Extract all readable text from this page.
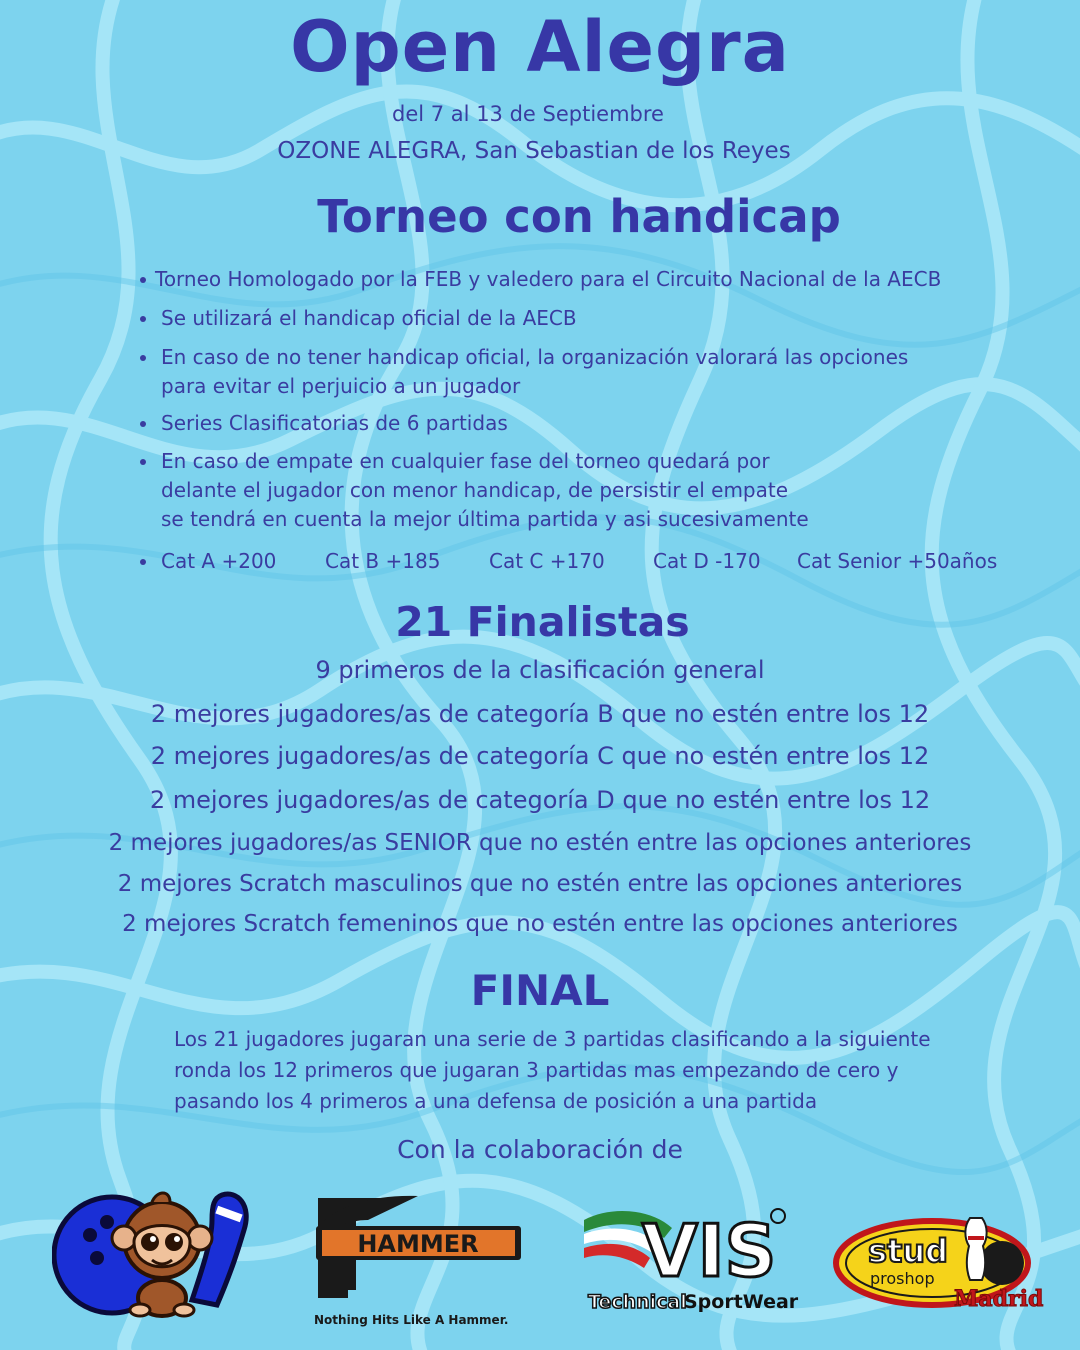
Open Alegra
del 7 al 13 de Septiembre
OZONE ALEGRA, San Sebastian de los Reyes
Torneo con handicap
Torneo Homologado por la FEB y valedero para el Circuito Nacional de la AECB
Se utilizará el handicap oficial de la AECB
En caso de no tener handicap oficial, la organización valorará las opciones
para evitar el perjuicio a un jugador
Series Clasificatorias de 6 partidas
En caso de empate en cualquier fase del torneo quedará por
delante el jugador con menor handicap, de persistir el empate
se tendrá en cuenta la mejor última partida y asi sucesivamente
Cat A +200	Cat B +185	Cat C +170	Cat D -170	Cat Senior +50años
21 Finalistas
9 primeros de la clasificación general
2 mejores jugadores/as de categoría B que no estén entre los 12
2 mejores jugadores/as de categoría C que no estén entre los 12
2 mejores jugadores/as de categoría D que no estén entre los 12
2 mejores jugadores/as SENIOR que no estén entre las opciones anteriores
2 mejores Scratch masculinos que no estén entre las opciones anteriores
2 mejores Scratch femeninos que no estén entre las opciones anteriores
FINAL
Los 21 jugadores jugaran una serie de 3 partidas clasificando a la siguiente
ronda los 12 primeros que jugaran 3 partidas mas empezando de cero y
pasando los 4 primeros a una defensa de posición a una partida
Con la colaboración de
HAMMER
Nothing Hits Like A Hammer.
VIS
Technical
SportWear
stud
proshop
Madrid
